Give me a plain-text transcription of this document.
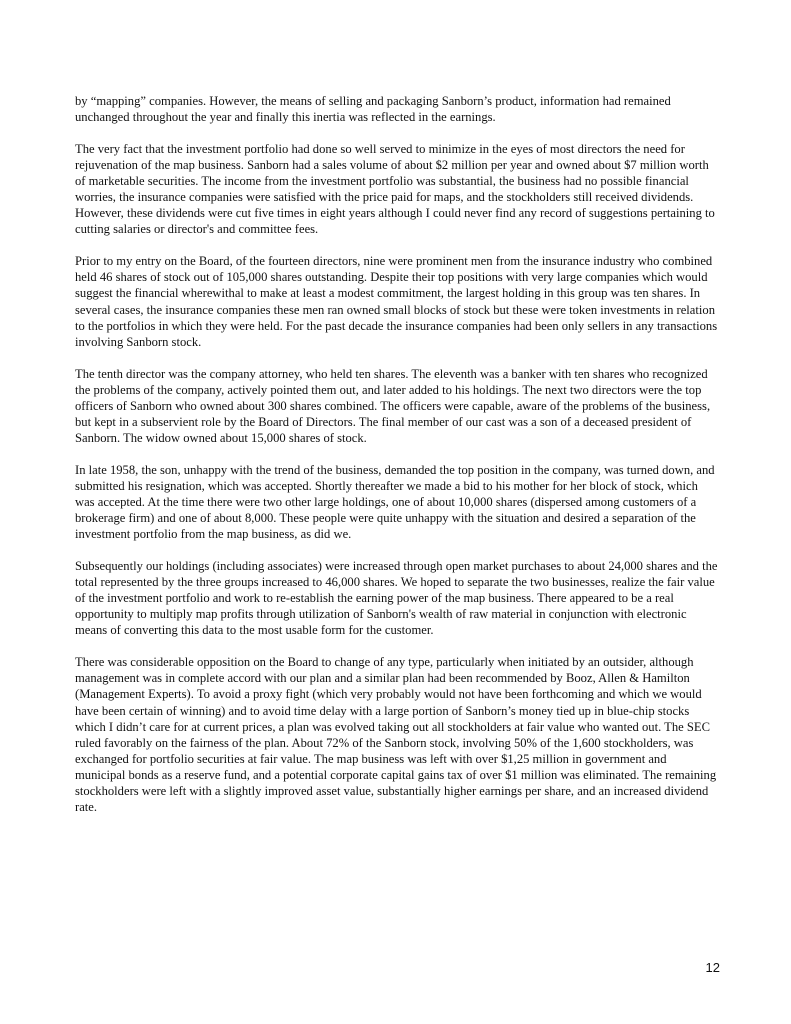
by “mapping” companies. However, the means of selling and packaging Sanborn’s product, information had remained unchanged throughout the year and finally this inertia was reflected in the earnings.

The very fact that the investment portfolio had done so well served to minimize in the eyes of most directors the need for rejuvenation of the map business. Sanborn had a sales volume of about $2 million per year and owned about $7 million worth of marketable securities. The income from the investment portfolio was substantial, the business had no possible financial worries, the insurance companies were satisfied with the price paid for maps, and the stockholders still received dividends. However, these dividends were cut five times in eight years although I could never find any record of suggestions pertaining to cutting salaries or director's and committee fees.

Prior to my entry on the Board, of the fourteen directors, nine were prominent men from the insurance industry who combined held 46 shares of stock out of 105,000 shares outstanding. Despite their top positions with very large companies which would suggest the financial wherewithal to make at least a modest commitment, the largest holding in this group was ten shares. In several cases, the insurance companies these men ran owned small blocks of stock but these were token investments in relation to the portfolios in which they were held. For the past decade the insurance companies had been only sellers in any transactions involving Sanborn stock.

The tenth director was the company attorney, who held ten shares. The eleventh was a banker with ten shares who recognized the problems of the company, actively pointed them out, and later added to his holdings. The next two directors were the top officers of Sanborn who owned about 300 shares combined. The officers were capable, aware of the problems of the business, but kept in a subservient role by the Board of Directors. The final member of our cast was a son of a deceased president of Sanborn. The widow owned about 15,000 shares of stock.

In late 1958, the son, unhappy with the trend of the business, demanded the top position in the company, was turned down, and submitted his resignation, which was accepted. Shortly thereafter we made a bid to his mother for her block of stock, which was accepted. At the time there were two other large holdings, one of about 10,000 shares (dispersed among customers of a brokerage firm) and one of about 8,000. These people were quite unhappy with the situation and desired a separation of the investment portfolio from the map business, as did we.

Subsequently our holdings (including associates) were increased through open market purchases to about 24,000 shares and the total represented by the three groups increased to 46,000 shares. We hoped to separate the two businesses, realize the fair value of the investment portfolio and work to re-establish the earning power of the map business. There appeared to be a real opportunity to multiply map profits through utilization of Sanborn's wealth of raw material in conjunction with electronic means of converting this data to the most usable form for the customer.

There was considerable opposition on the Board to change of any type, particularly when initiated by an outsider, although management was in complete accord with our plan and a similar plan had been recommended by Booz, Allen & Hamilton (Management Experts). To avoid a proxy fight (which very probably would not have been forthcoming and which we would have been certain of winning) and to avoid time delay with a large portion of Sanborn’s money tied up in blue-chip stocks which I didn’t care for at current prices, a plan was evolved taking out all stockholders at fair value who wanted out. The SEC ruled favorably on the fairness of the plan. About 72% of the Sanborn stock, involving 50% of the 1,600 stockholders, was exchanged for portfolio securities at fair value. The map business was left with over $1,25 million in government and municipal bonds as a reserve fund, and a potential corporate capital gains tax of over $1 million was eliminated. The remaining stockholders were left with a slightly improved asset value, substantially higher earnings per share, and an increased dividend rate.

12
